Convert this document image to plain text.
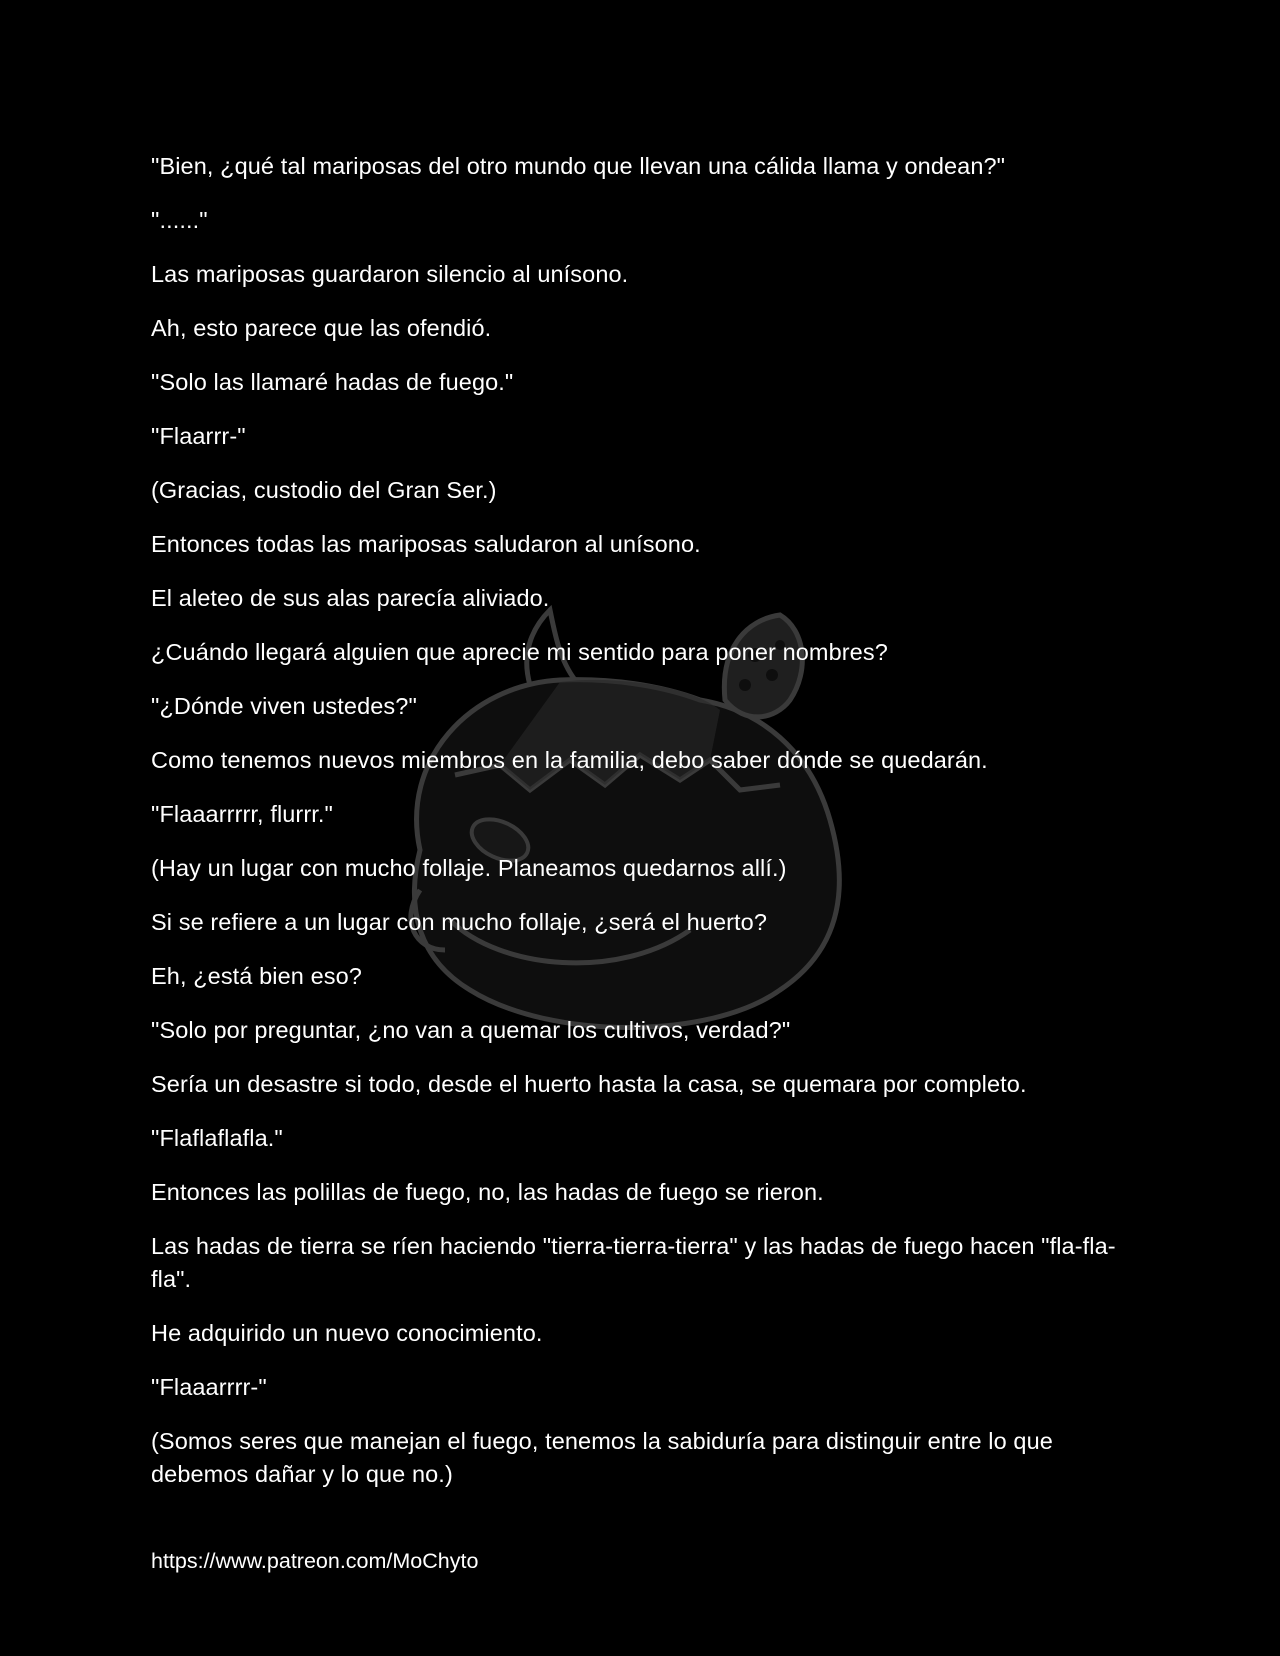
"Bien, ¿qué tal mariposas del otro mundo que llevan una cálida llama y ondean?"

"......"

Las mariposas guardaron silencio al unísono.

Ah, esto parece que las ofendió.

"Solo las llamaré hadas de fuego."

"Flaarrr-"

(Gracias, custodio del Gran Ser.)

Entonces todas las mariposas saludaron al unísono.

El aleteo de sus alas parecía aliviado.

¿Cuándo llegará alguien que aprecie mi sentido para poner nombres?

"¿Dónde viven ustedes?"

Como tenemos nuevos miembros en la familia, debo saber dónde se quedarán.

"Flaaarrrrr, flurrr."

(Hay un lugar con mucho follaje. Planeamos quedarnos allí.)

Si se refiere a un lugar con mucho follaje, ¿será el huerto?

Eh, ¿está bien eso?

"Solo por preguntar, ¿no van a quemar los cultivos, verdad?"

Sería un desastre si todo, desde el huerto hasta la casa, se quemara por completo.

"Flaflaflafla."

Entonces las polillas de fuego, no, las hadas de fuego se rieron.

Las hadas de tierra se ríen haciendo "tierra-tierra-tierra" y las hadas de fuego hacen "fla-fla-fla".

He adquirido un nuevo conocimiento.

"Flaaarrrr-"

(Somos seres que manejan el fuego, tenemos la sabiduría para distinguir entre lo que debemos dañar y lo que no.)

https://www.patreon.com/MoChyto
